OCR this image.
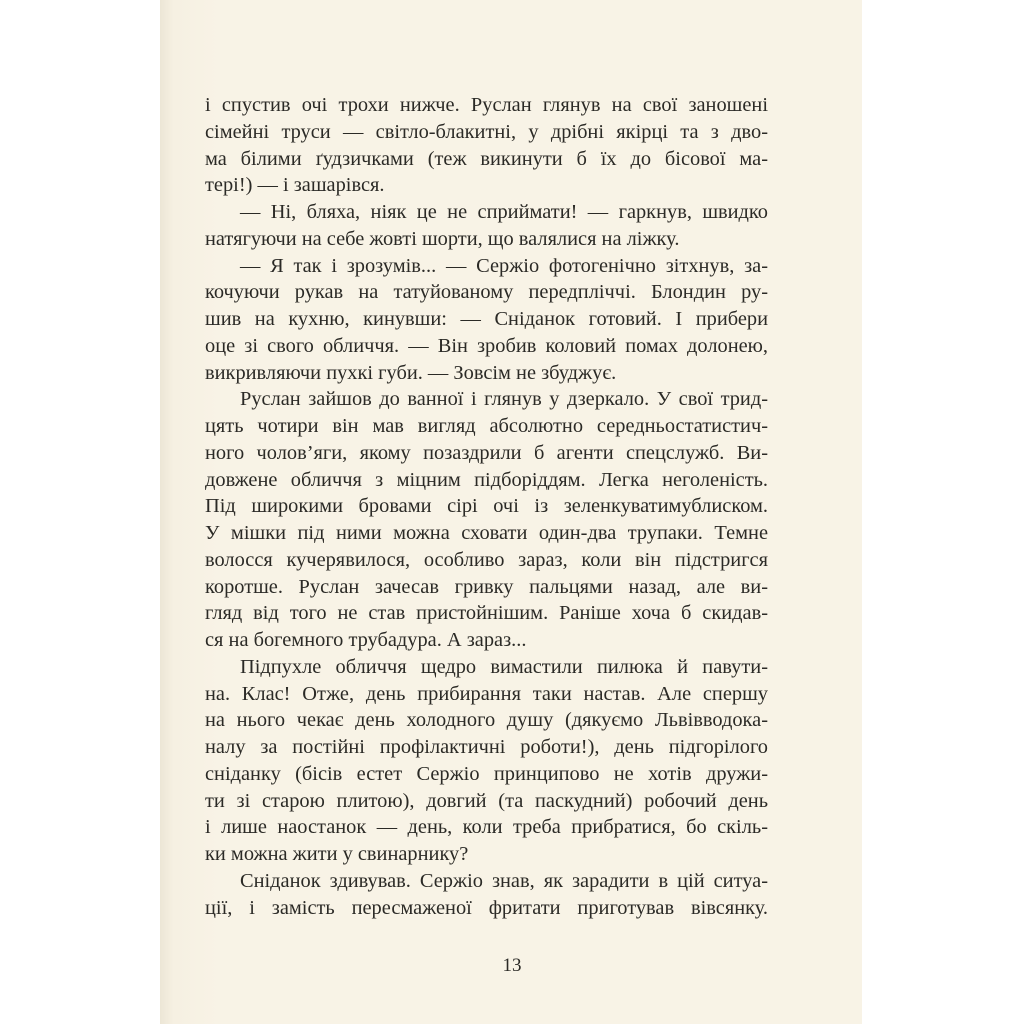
і спустив очі трохи нижче. Руслан глянув на свої заношені
сімейні труси — світло-блакитні, у дрібні якірці та з дво-
ма білими ґудзичками (теж викинути б їх до бісової ма-
тері!) — і зашарівся.
— Ні, бляха, ніяк це не сприймати! — гаркнув, швидко
натягуючи на себе жовті шорти, що валялися на ліжку.
— Я так і зрозумів... — Сержіо фотогенічно зітхнув, за-
кочуючи рукав на татуйованому передпліччі. Блондин ру-
шив на кухню, кинувши: — Сніданок готовий. І прибери
оце зі свого обличчя. — Він зробив коловий помах долонею,
викривляючи пухкі губи. — Зовсім не збуджує.
Руслан зайшов до ванної і глянув у дзеркало. У свої трид-
цять чотири він мав вигляд абсолютно середньостатистич-
ного чолов’яги, якому позаздрили б агенти спецслужб. Ви-
довжене обличчя з міцним підборіддям. Легка неголеність.
Під широкими бровами сірі очі із зеленкуватимублиском.
У мішки під ними можна сховати один-два трупаки. Темне
волосся кучерявилося, особливо зараз, коли він підстригся
коротше. Руслан зачесав гривку пальцями назад, але ви-
гляд від того не став пристойнішим. Раніше хоча б скидав-
ся на богемного трубадура. А зараз...
Підпухле обличчя щедро вимастили пилюка й павути-
на. Клас! Отже, день прибирання таки настав. Але спершу
на нього чекає день холодного душу (дякуємо Львівводока-
налу за постійні профілактичні роботи!), день підгорілого
сніданку (бісів естет Сержіо принципово не хотів дружи-
ти зі старою плитою), довгий (та паскудний) робочий день
і лише наостанок — день, коли треба прибратися, бо скіль-
ки можна жити у свинарнику?
Сніданок здивував. Сержіо знав, як зарадити в цій ситуа-
ції, і замість пересмаженої фритати приготував вівсянку.
13
